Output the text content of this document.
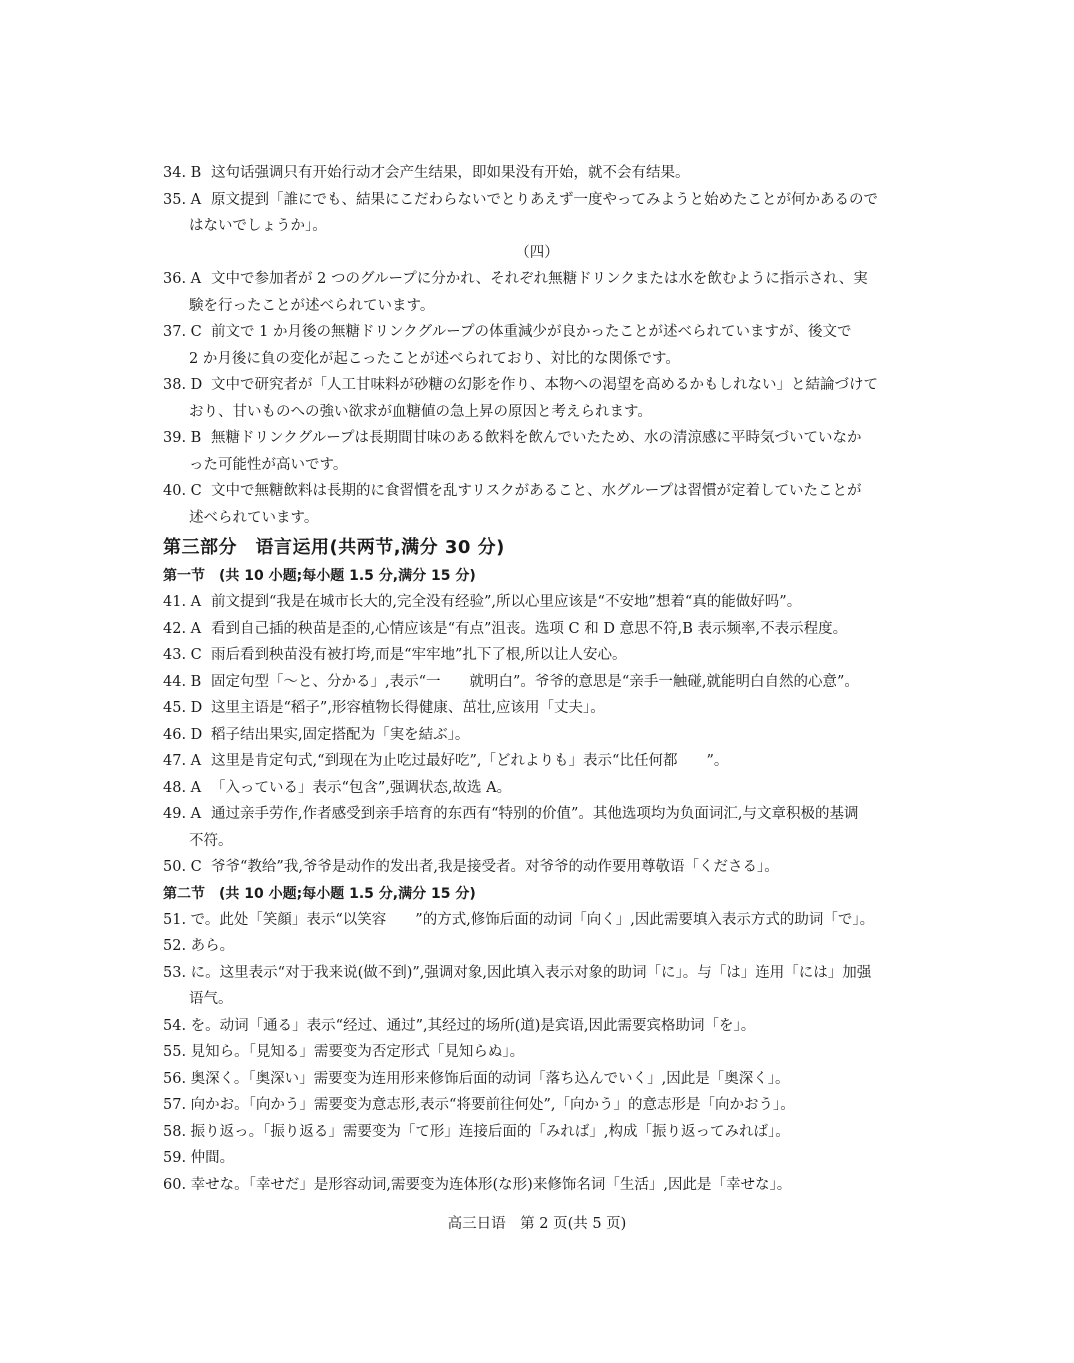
34. B 这句话强调只有开始行动才会产生结果，即如果没有开始，就不会有结果。

35. A 原文提到「誰にでも、結果にこだわらないでとりあえず一度やってみようと始めたことが何かあるので
はないでしょうか」。

（四）

36. A 文中で参加者が 2 つのグループに分かれ、それぞれ無糖ドリンクまたは水を飲むように指示され、実
験を行ったことが述べられています。

37. C 前文で 1 か月後の無糖ドリンクグループの体重減少が良かったことが述べられていますが、後文で
2 か月後に負の変化が起こったことが述べられており、対比的な関係です。

38. D 文中で研究者が「人工甘味料が砂糖の幻影を作り、本物への渇望を高めるかもしれない」と結論づけて
おり、甘いものへの強い欲求が血糖値の急上昇の原因と考えられます。

39. B 無糖ドリンクグループは長期間甘味のある飲料を飲んでいたため、水の清涼感に平時気づいていなか
った可能性が高いです。

40. C 文中で無糖飲料は長期的に食習慣を乱すリスクがあること、水グループは習慣が定着していたことが
述べられています。

第三部分　语言运用(共两节,满分 30 分)

第一节　(共 10 小题;每小题 1.5 分,满分 15 分)

41. A 前文提到“我是在城市长大的,完全没有经验”,所以心里应该是“不安地”想着“真的能做好吗”。

42. A 看到自己插的秧苗是歪的,心情应该是“有点”沮丧。选项 C 和 D 意思不符,B 表示频率,不表示程度。

43. C 雨后看到秧苗没有被打垮,而是“牢牢地”扎下了根,所以让人安心。

44. B 固定句型「～と、分かる」,表示“一　　就明白”。爷爷的意思是“亲手一触碰,就能明白自然的心意”。

45. D 这里主语是“稻子”,形容植物长得健康、茁壮,应该用「丈夫」。

46. D 稻子结出果实,固定搭配为「実を結ぶ」。

47. A 这里是肯定句式,“到现在为止吃过最好吃”,「どれよりも」表示“比任何都　　”。

48. A 「入っている」表示“包含”,强调状态,故选 A。

49. A 通过亲手劳作,作者感受到亲手培育的东西有“特别的价值”。其他选项均为负面词汇,与文章积极的基调
不符。

50. C 爷爷“教给”我,爷爷是动作的发出者,我是接受者。对爷爷的动作要用尊敬语「くださる」。

第二节　(共 10 小题;每小题 1.5 分,满分 15 分)

51. で。此处「笑顔」表示“以笑容　　”的方式,修饰后面的动词「向く」,因此需要填入表示方式的助词「で」。

52. あら。

53. に。这里表示“对于我来说(做不到)”,强调对象,因此填入表示对象的助词「に」。与「は」连用「には」加强
语气。

54. を。动词「通る」表示“经过、通过”,其经过的场所(道)是宾语,因此需要宾格助词「を」。

55. 見知ら。「見知る」需要变为否定形式「見知らぬ」。

56. 奥深く。「奥深い」需要变为连用形来修饰后面的动词「落ち込んでいく」,因此是「奥深く」。

57. 向かお。「向かう」需要变为意志形,表示“将要前往何处”,「向かう」的意志形是「向かおう」。

58. 振り返っ。「振り返る」需要变为「て形」连接后面的「みれば」,构成「振り返ってみれば」。

59. 仲間。

60. 幸せな。「幸せだ」是形容动词,需要变为连体形(な形)来修饰名词「生活」,因此是「幸せな」。

高三日语　第 2 页(共 5 页)
